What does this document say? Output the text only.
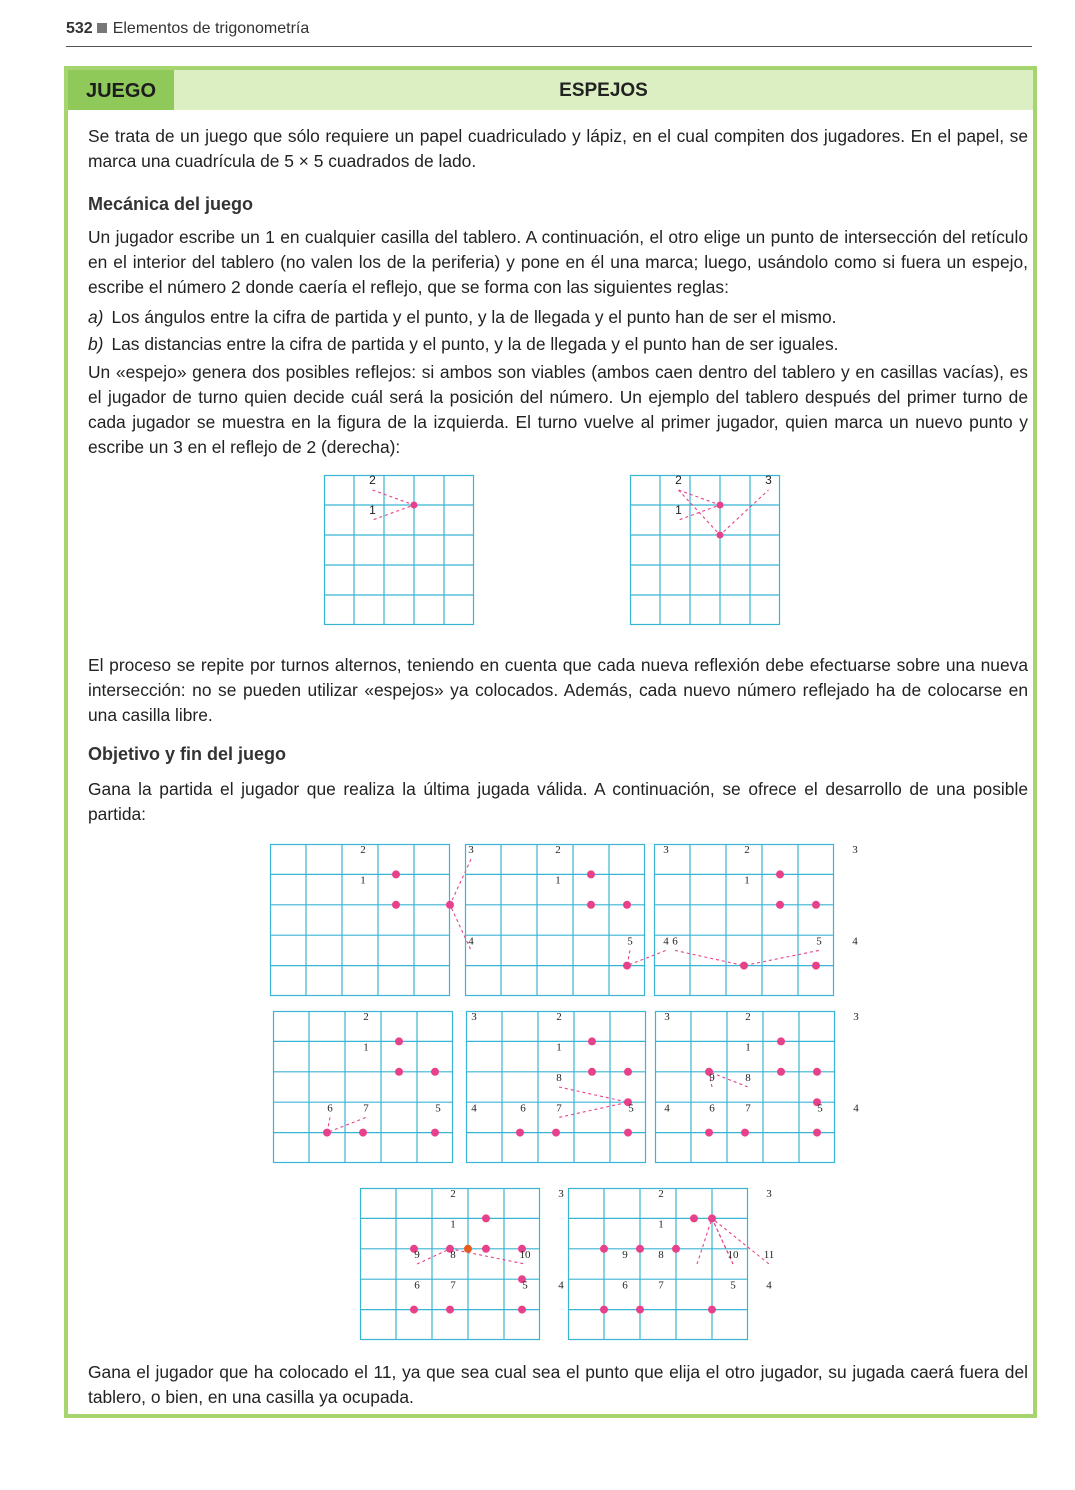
532 Elementos de trigonometría
JUEGO	ESPEJOS

Se trata de un juego que sólo requiere un papel cuadriculado y lápiz, en el cual compiten dos jugadores. En el papel, se marca una cuadrícula de 5 × 5 cuadrados de lado.

Mecánica del juego

Un jugador escribe un 1 en cualquier casilla del tablero. A continuación, el otro elige un punto de intersección del retículo en el interior del tablero (no valen los de la periferia) y pone en él una marca; luego, usándolo como si fuera un espejo, escribe el número 2 donde caería el reflejo, que se forma con las siguientes reglas:

a) Los ángulos entre la cifra de partida y el punto, y la de llegada y el punto han de ser el mismo.
b) Las distancias entre la cifra de partida y el punto, y la de llegada y el punto han de ser iguales.

Un «espejo» genera dos posibles reflejos: si ambos son viables (ambos caen dentro del tablero y en casillas vacías), es el jugador de turno quien decide cuál será la posición del número. Un ejemplo del tablero después del primer turno de cada jugador se muestra en la figura de la izquierda. El turno vuelve al primer jugador, quien marca un nuevo punto y escribe un 3 en el reflejo de 2 (derecha):

El proceso se repite por turnos alternos, teniendo en cuenta que cada nueva reflexión debe efectuarse sobre una nueva intersección: no se pueden utilizar «espejos» ya colocados. Además, cada nuevo número reflejado ha de colocarse en una casilla libre.

Objetivo y fin del juego

Gana la partida el jugador que realiza la última jugada válida. A continuación, se ofrece el desarrollo de una posible partida:

Gana el jugador que ha colocado el 11, ya que sea cual sea el punto que elija el otro jugador, su jugada caerá fuera del tablero, o bien, en una casilla ya ocupada.

2
1
2
1
3
2
1
3
4
2
1
3
5	4
2
1
3
6	5	4
2
1
3
6	7	5	4
2
1
3
8
6	7	5	4
2
1
3
9	8
6	7	5	4
2
1
3
9	8	10
6	7	5	4
2
1
3
9	8	10 11
6	7	5	4
